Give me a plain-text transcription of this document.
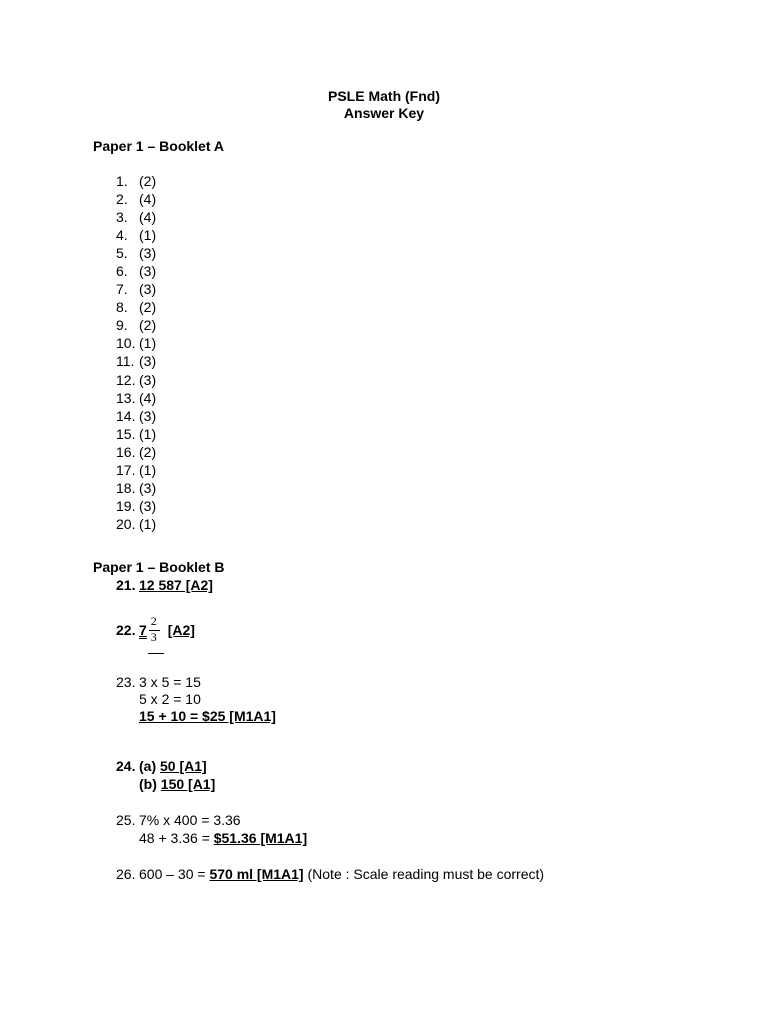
PSLE Math (Fnd)
Answer Key
Paper 1 – Booklet A
1. (2)
2. (4)
3. (4)
4. (1)
5. (3)
6. (3)
7. (3)
8. (2)
9. (2)
10. (1)
11. (3)
12. (3)
13. (4)
14. (3)
15. (1)
16. (2)
17. (1)
18. (3)
19. (3)
20. (1)
Paper 1 – Booklet B
21. 12 587 [A2]
22. $7 \frac{2}{3} [A2]$
23. 3 x 5 = 15
5 x 2 = 10
15 + 10 = $25 [M1A1]
24. (a) 50 [A1]
(b) 150 [A1]
25. 7% x 400 = 3.36
48 + 3.36 = $51.36 [M1A1]
26. 600 – 30 = 570 ml [M1A1] (Note : Scale reading must be correct)
